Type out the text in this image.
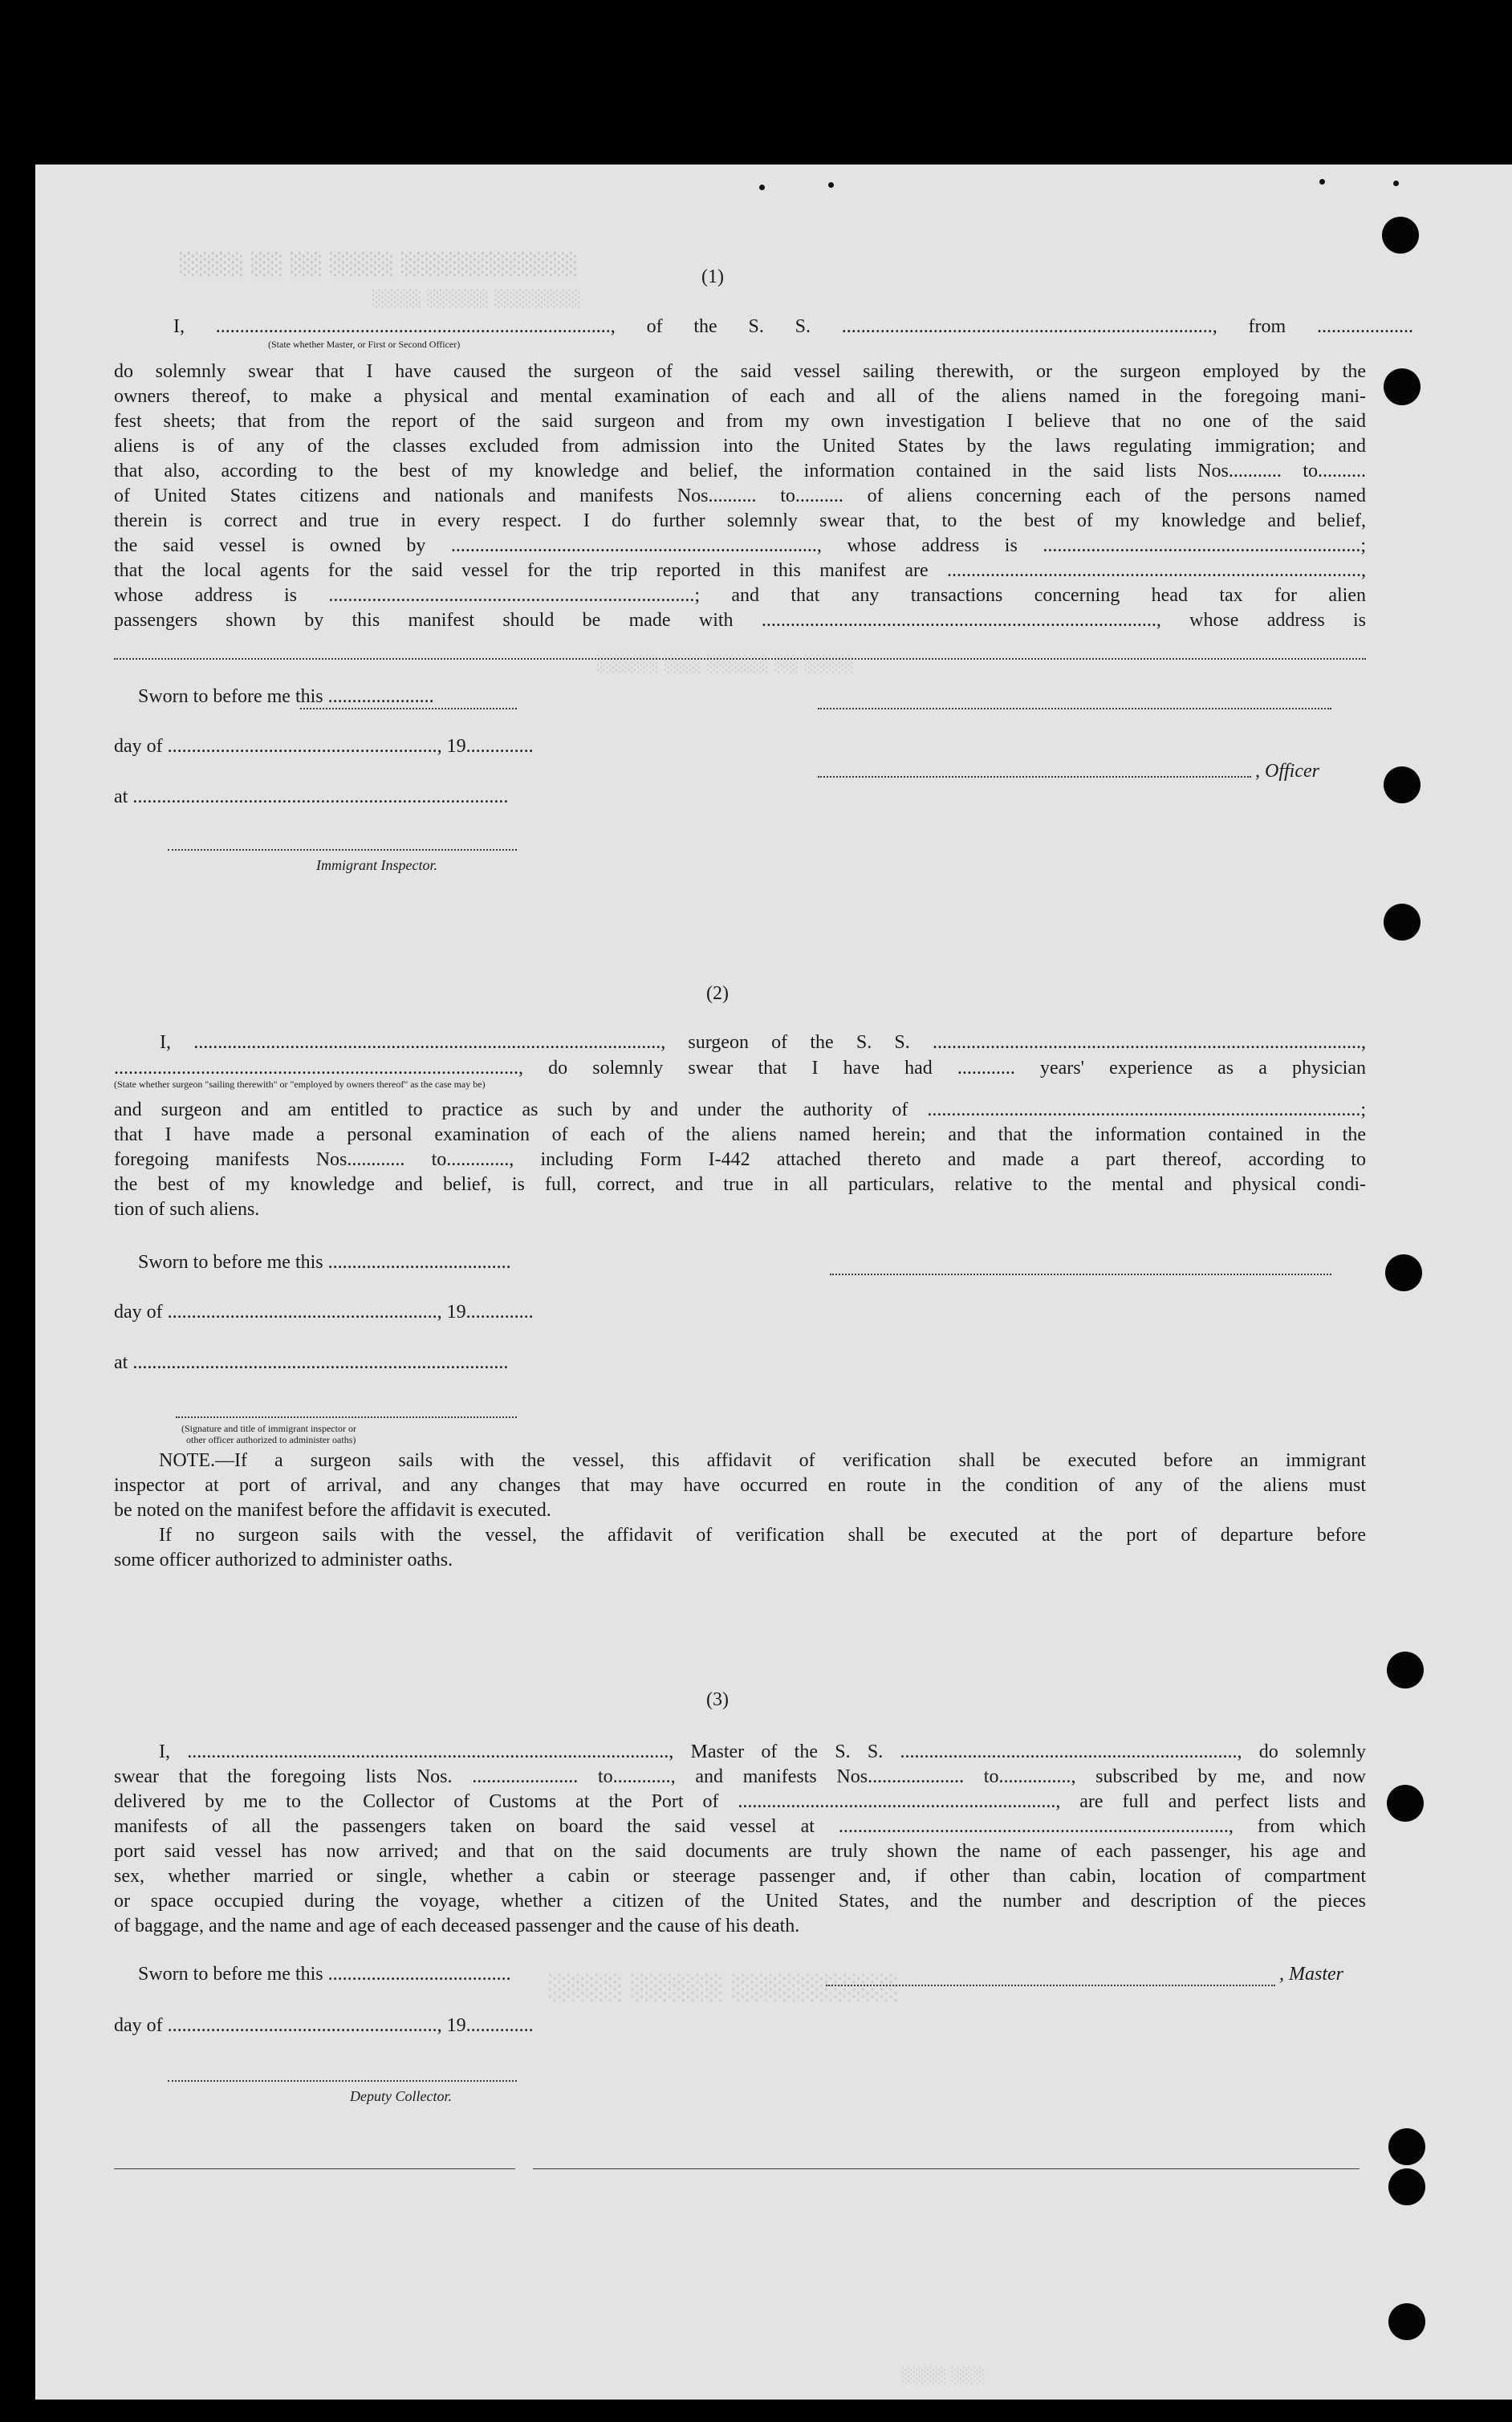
░░░░ ░░ ░░ ░░░░ ░░░░░░░░░░░
░░░░ ░░░░░ ░░░░░░░
░░░░░ ░░░ ░░░░░ ░░ ░░░░
░░░░ ░░░░░ ░░░░░░░░░
░░░░ ░░░
(1)
I, .................................................................................., of the S. S. ............................................................................., from ....................
(State whether Master, or First or Second Officer)
do solemnly swear that I have caused the surgeon of the said vessel sailing therewith, or the surgeon employed by the
owners thereof, to make a physical and mental examination of each and all of the aliens named in the foregoing mani-
fest sheets; that from the report of the said surgeon and from my own investigation I believe that no one of the said
aliens is of any of the classes excluded from admission into the United States by the laws regulating immigration; and
that also, according to the best of my knowledge and belief, the information contained in the said lists Nos........... to..........
of United States citizens and nationals and manifests Nos.......... to.......... of aliens concerning each of the persons named
therein is correct and true in every respect. I do further solemnly swear that, to the best of my knowledge and belief,
the said vessel is owned by ............................................................................, whose address is ..................................................................;
that the local agents for the said vessel for the trip reported in this manifest are ......................................................................................,
whose address is ............................................................................; and that any transactions concerning head tax for alien
passengers shown by this manifest should be made with .................................................................................., whose address is
Sworn to before me this ......................
day of ........................................................, 19..............
, Officer
at ..............................................................................
Immigrant Inspector.
(2)
I, ................................................................................................., surgeon of the S. S. .........................................................................................,
...................................................................................., do solemnly swear that I have had ............ years' experience as a physician
(State whether surgeon "sailing therewith" or "employed by owners thereof" as the case may be)
and surgeon and am entitled to practice as such by and under the authority of ..........................................................................................;
that I have made a personal examination of each of the aliens named herein; and that the information contained in the
foregoing manifests Nos............ to............., including Form I-442 attached thereto and made a part thereof, according to
the best of my knowledge and belief, is full, correct, and true in all particulars, relative to the mental and physical condi-
tion of such aliens.
Sworn to before me this ......................................
day of ........................................................, 19..............
at ..............................................................................
(Signature and title of immigrant inspector or
other officer authorized to administer oaths)
NOTE.—If a surgeon sails with the vessel, this affidavit of verification shall be executed before an immigrant
inspector at port of arrival, and any changes that may have occurred en route in the condition of any of the aliens must
be noted on the manifest before the affidavit is executed.
If no surgeon sails with the vessel, the affidavit of verification shall be executed at the port of departure before
some officer authorized to administer oaths.
(3)
I, ...................................................................................................., Master of the S. S. ......................................................................, do solemnly
swear that the foregoing lists Nos. ...................... to............, and manifests Nos.................... to..............., subscribed by me, and now
delivered by me to the Collector of Customs at the Port of .................................................................., are full and perfect lists and
manifests of all the passengers taken on board the said vessel at ................................................................................., from which
port said vessel has now arrived; and that on the said documents are truly shown the name of each passenger, his age and
sex, whether married or single, whether a cabin or steerage passenger and, if other than cabin, location of compartment
or space occupied during the voyage, whether a citizen of the United States, and the number and description of the pieces
of baggage, and the name and age of each deceased passenger and the cause of his death.
Sworn to before me this ......................................	, Master
day of ........................................................, 19..............
Deputy Collector.
